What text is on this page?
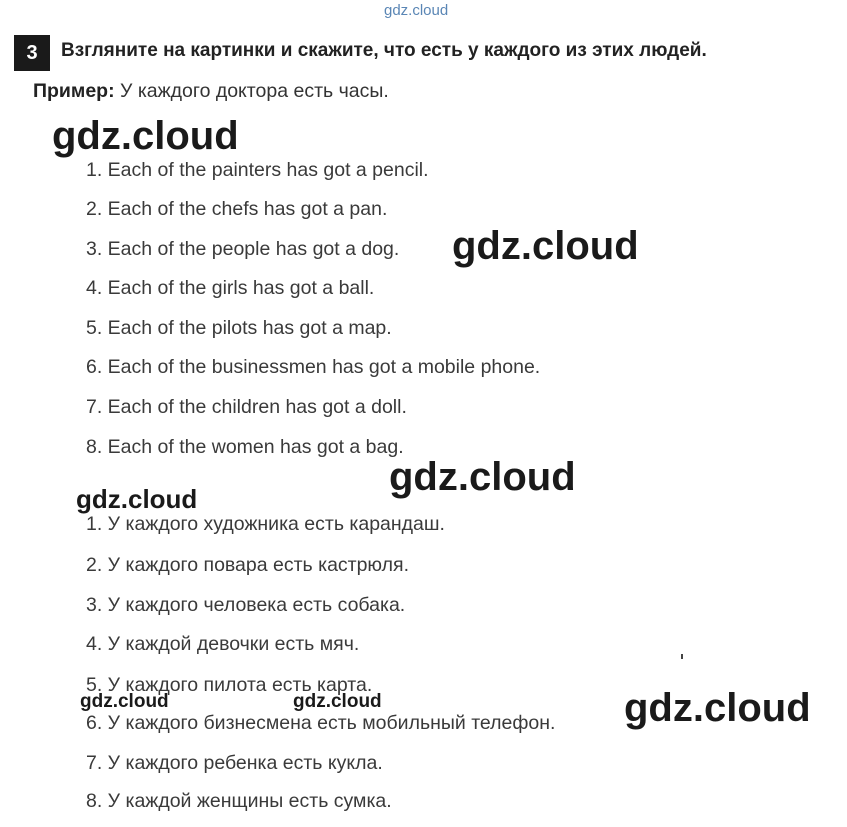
gdz.cloud
3	Взгляните на картинки и скажите, что есть у каждого из этих людей.
Пример: У каждого доктора есть часы.
1. Each of the painters has got a pencil.
2. Each of the chefs has got a pan.
3. Each of the people has got a dog.
4. Each of the girls has got a ball.
5. Each of the pilots has got a map.
6. Each of the businessmen has got a mobile phone.
7. Each of the children has got a doll.
8. Each of the women has got a bag.
1. У каждого художника есть карандаш.
2. У каждого повара есть кастрюля.
3. У каждого человека есть собака.
4. У каждой девочки есть мяч.
5. У каждого пилота есть карта.
6. У каждого бизнесмена есть мобильный телефон.
7. У каждого ребенка есть кукла.
8. У каждой женщины есть сумка.
gdz.cloud
gdz.cloud
gdz.cloud
gdz.cloud
gdz.cloud	gdz.cloud	gdz.cloud
